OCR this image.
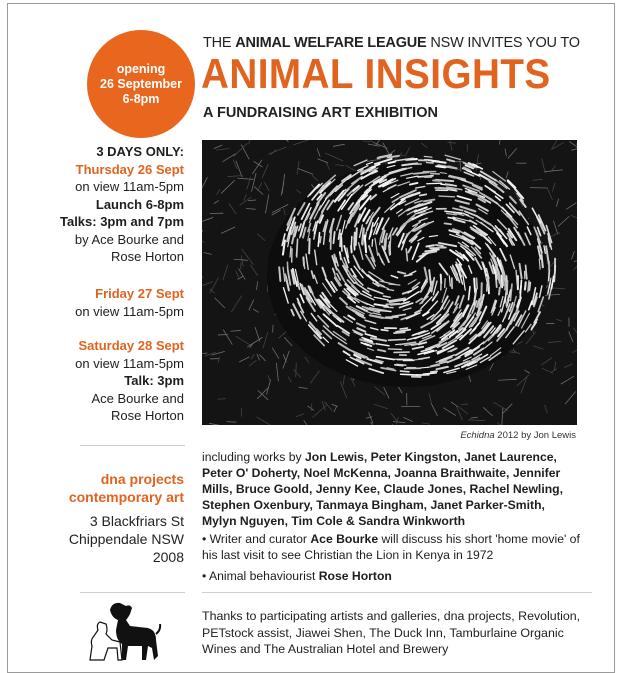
opening
26 September
6-8pm
THE ANIMAL WELFARE LEAGUE NSW INVITES YOU TO
ANIMAL INSIGHTS
A FUNDRAISING ART EXHIBITION
3 DAYS ONLY:
Thursday 26 Sept
on view 11am-5pm
Launch 6-8pm
Talks: 3pm and 7pm
by Ace Bourke and
Rose Horton
Friday 27 Sept
on view 11am-5pm
Saturday 28 Sept
on view 11am-5pm
Talk: 3pm
Ace Bourke and
Rose Horton
dna projects
contemporary art
3 Blackfriars St
Chippendale NSW
2008
Echidna 2012 by Jon Lewis
including works by Jon Lewis, Peter Kingston, Janet Laurence, Peter O' Doherty, Noel McKenna, Joanna Braithwaite, Jennifer Mills, Bruce Goold, Jenny Kee, Claude Jones, Rachel Newling, Stephen Oxenbury, Tanmaya Bingham, Janet Parker-Smith, Mylyn Nguyen, Tim Cole & Sandra Winkworth
• Writer and curator Ace Bourke will discuss his short 'home movie' of his last visit to see Christian the Lion in Kenya in 1972
• Animal behaviourist Rose Horton
Thanks to participating artists and galleries, dna projects, Revolution, PETstock assist, Jiawei Shen, The Duck Inn, Tamburlaine Organic Wines and The Australian Hotel and Brewery
